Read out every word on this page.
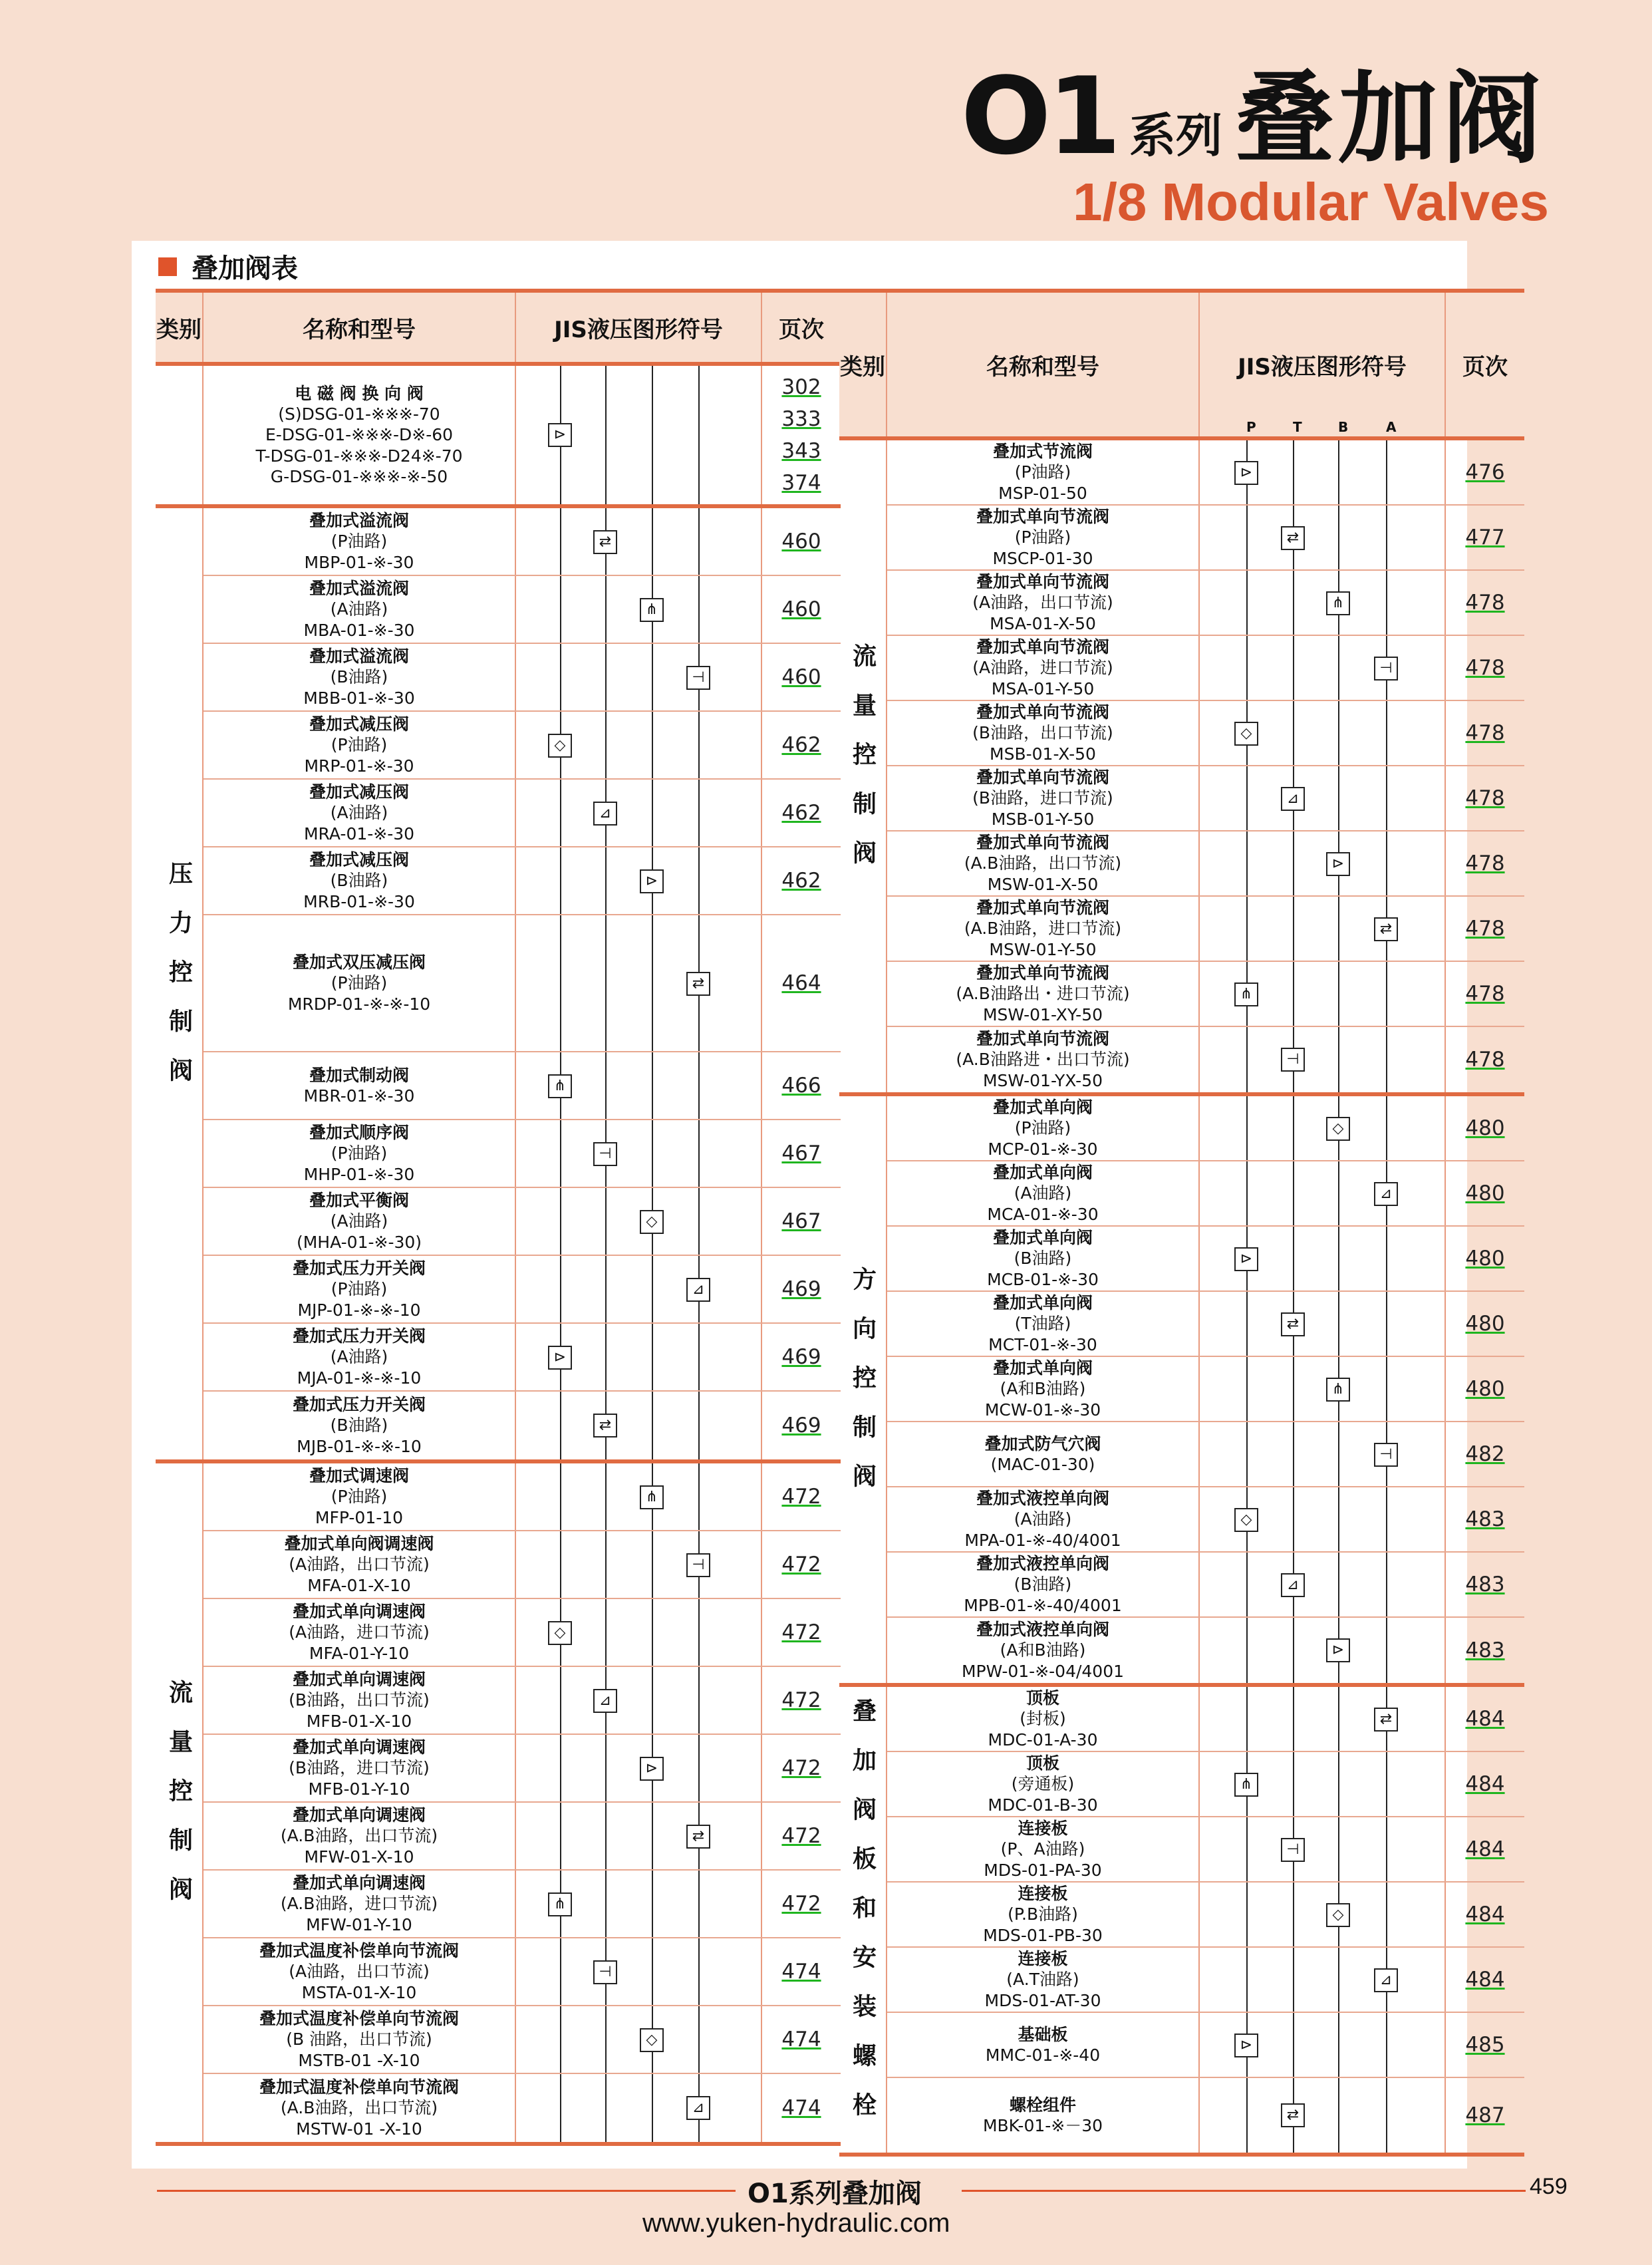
O1 系列 叠加阀
1/8 Modular Valves
叠加阀表
类别	名称和型号	JIS液压图形符号 页次
电 磁 阀 换 向 阀
(S)DSG-01-※※※-70
E-DSG-01-※※※-D※-60
T-DSG-01-※※※-D24※-70
G-DSG-01-※※※-※-50
⊳
302
333
343
374
压力控制阀
叠加式溢流阀
(P油路)
MBP-01-※-30
⇄	460
叠加式溢流阀
(A油路)
MBA-01-※-30
⋔	460
叠加式溢流阀
(B油路)
MBB-01-※-30
⊣	460
叠加式减压阀
(P油路)
MRP-01-※-30
◇	462
叠加式减压阀
(A油路)
MRA-01-※-30
⊿	462
叠加式减压阀
(B油路)
MRB-01-※-30
⊳	462
叠加式双压减压阀
(P油路)
MRDP-01-※-※-10
⇄	464
叠加式制动阀
MBR-01-※-30
⋔	466
叠加式顺序阀
(P油路)
MHP-01-※-30
⊣	467
叠加式平衡阀
(A油路)
(MHA-01-※-30)
◇	467
叠加式压力开关阀
(P油路)
MJP-01-※-※-10
⊿	469
叠加式压力开关阀
(A油路)
MJA-01-※-※-10
⊳	469
叠加式压力开关阀
(B油路)
MJB-01-※-※-10
⇄	469
流量控制阀
叠加式调速阀
(P油路)
MFP-01-10
⋔	472
叠加式单向阀调速阀
(A油路，出口节流)
MFA-01-X-10
⊣	472
叠加式单向调速阀
(A油路，进口节流)
MFA-01-Y-10
◇	472
叠加式单向调速阀
(B油路，出口节流)
MFB-01-X-10
⊿	472
叠加式单向调速阀
(B油路，进口节流)
MFB-01-Y-10
⊳	472
叠加式单向调速阀
(A.B油路，出口节流)
MFW-01-X-10
⇄	472
叠加式单向调速阀
(A.B油路，进口节流)
MFW-01-Y-10
⋔	472
叠加式温度补偿单向节流阀
(A油路，出口节流)
MSTA-01-X-10
⊣	474
叠加式温度补偿单向节流阀
(B 油路，出口节流)
MSTB-01 -X-10
◇	474
叠加式温度补偿单向节流阀
(A.B油路，出口节流)
MSTW-01 -X-10
⊿	474
类别	名称和型号	JIS液压图形符号
P	T	B	A
页次
流量控制阀
叠加式节流阀
(P油路)
MSP-01-50
⊳	476
叠加式单向节流阀
(P油路)
MSCP-01-30
⇄	477
叠加式单向节流阀
(A油路，出口节流)
MSA-01-X-50
⋔	478
叠加式单向节流阀
(A油路，进口节流)
MSA-01-Y-50
⊣	478
叠加式单向节流阀
(B油路，出口节流)
MSB-01-X-50
◇	478
叠加式单向节流阀
(B油路，进口节流)
MSB-01-Y-50
⊿	478
叠加式单向节流阀
(A.B油路，出口节流)
MSW-01-X-50
⊳	478
叠加式单向节流阀
(A.B油路，进口节流)
MSW-01-Y-50
⇄	478
叠加式单向节流阀
(A.B油路出・进口节流)
MSW-01-XY-50
⋔	478
叠加式单向节流阀
(A.B油路进・出口节流)
MSW-01-YX-50
⊣	478
方向控制阀
叠加式单向阀
(P油路)
MCP-01-※-30
◇	480
叠加式单向阀
(A油路)
MCA-01-※-30
⊿	480
叠加式单向阀
(B油路)
MCB-01-※-30
⊳	480
叠加式单向阀
(T油路)
MCT-01-※-30
⇄	480
叠加式单向阀
(A和B油路)
MCW-01-※-30
⋔	480
叠加式防气穴阀
(MAC-01-30)
⊣	482
叠加式液控单向阀
(A油路)
MPA-01-※-40/4001
◇	483
叠加式液控单向阀
(B油路)
MPB-01-※-40/4001
⊿	483
叠加式液控单向阀
(A和B油路)
MPW-01-※-04/4001
⊳	483
叠加阀板和安装螺栓
顶板
(封板)
MDC-01-A-30
⇄	484
顶板
(旁通板)
MDC-01-B-30
⋔	484
连接板
(P、A油路)
MDS-01-PA-30
⊣	484
连接板
(P.B油路)
MDS-01-PB-30
◇	484
连接板
(A.T油路)
MDS-01-AT-30
⊿	484
基础板
MMC-01-※-40
⊳	485
螺栓组件
MBK-01-※－30
⇄	487
O1系列叠加阀	459
www.yuken-hydraulic.com
